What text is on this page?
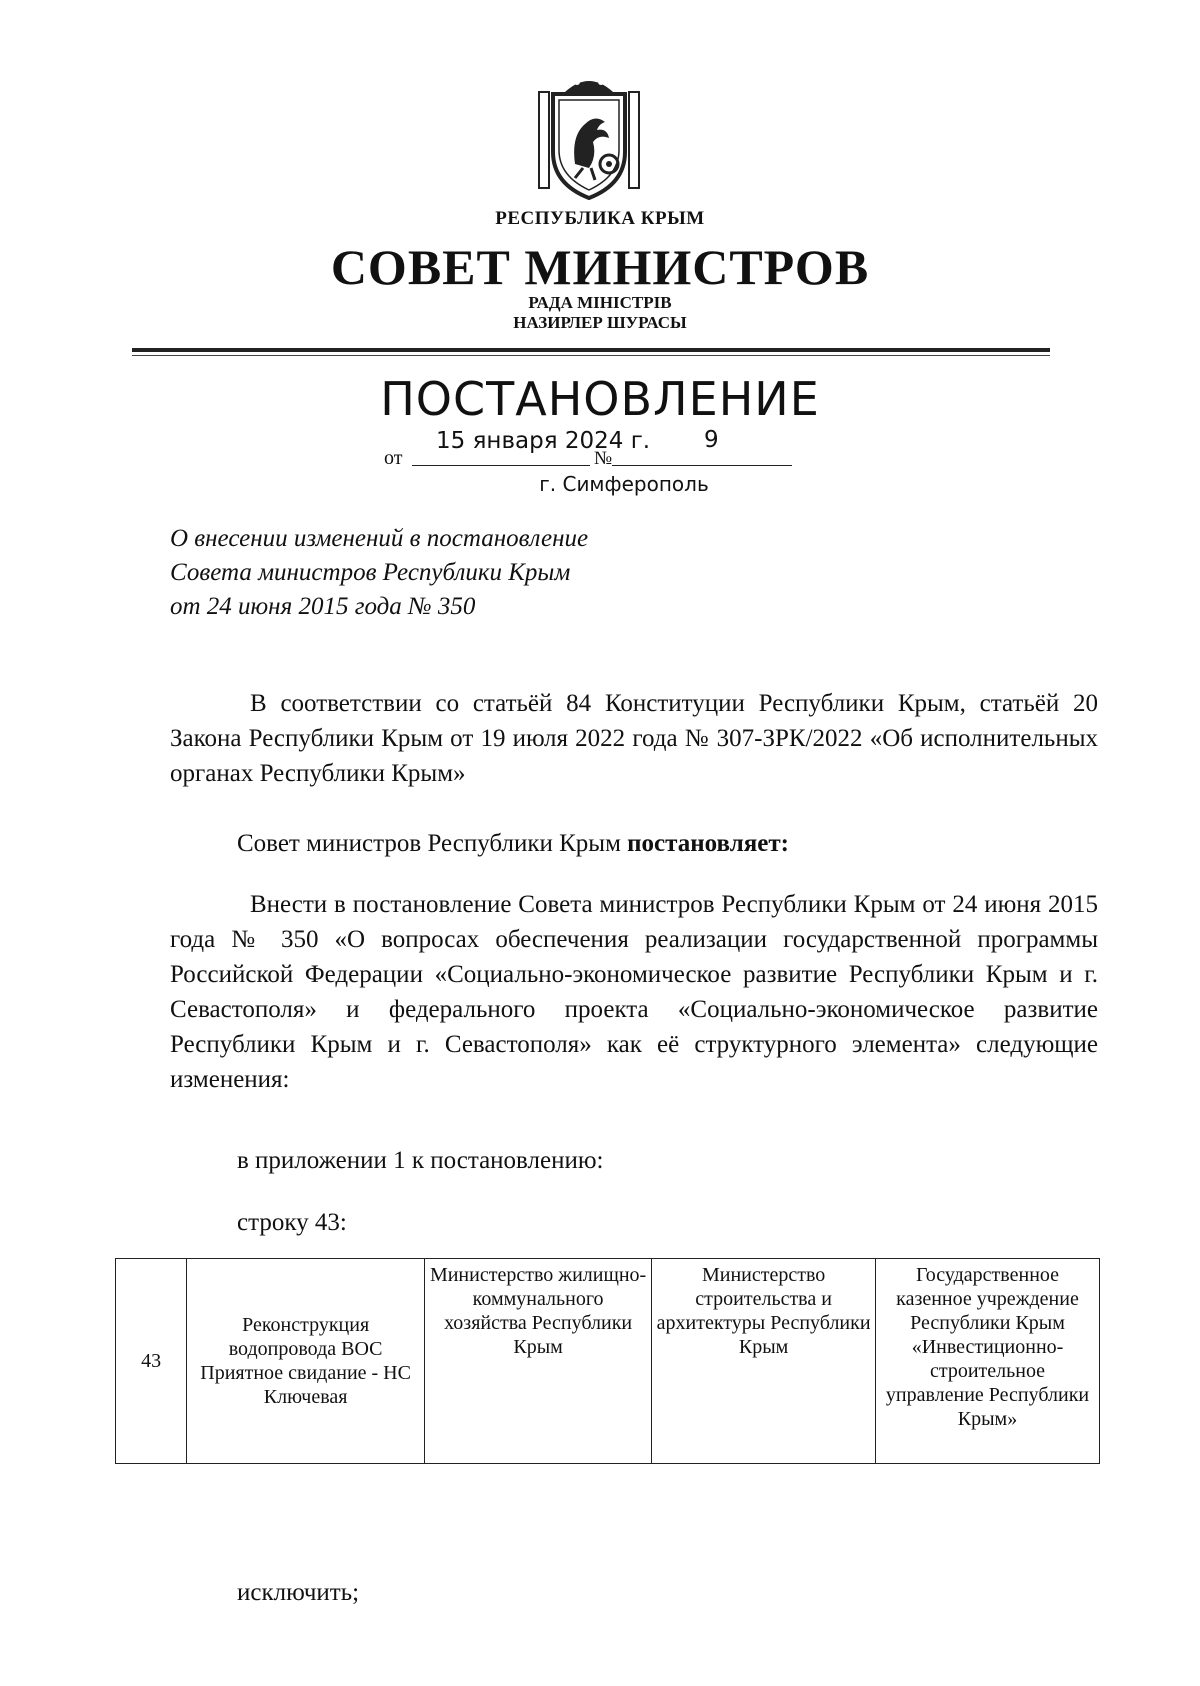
РЕСПУБЛИКА КРЫМ
СОВЕТ МИНИСТРОВ
РАДА МІНІСТРІВ
НАЗИРЛЕР ШУРАСЫ
ПОСТАНОВЛЕНИЕ
от
15 января 2024 г.
№
9
г. Симферополь
О внесении изменений в постановление
Совета министров Республики Крым
от 24 июня 2015 года № 350
В соответствии со статьёй 84 Конституции Республики Крым, статьёй 20 Закона Республики Крым от 19 июля 2022 года № 307-ЗРК/2022 «Об исполнительных органах Республики Крым»
Совет министров Республики Крым постановляет:
Внести в постановление Совета министров Республики Крым от 24 июня 2015 года № 350 «О вопросах обеспечения реализации государственной программы Российской Федерации «Социально-экономическое развитие Республики Крым и г. Севастополя» и федерального проекта «Социально-экономическое развитие Республики Крым и г. Севастополя» как её структурного элемента» следующие изменения:
в приложении 1 к постановлению:
строку 43:
43	Реконструкция водопровода ВОС Приятное свидание - НС Ключевая	Министерство жилищно-коммунального хозяйства Республики Крым	Министерство строительства и архитектуры Республики Крым	Государственное казенное учреждение Республики Крым «Инвестиционно-строительное управление Республики Крым»
исключить;
